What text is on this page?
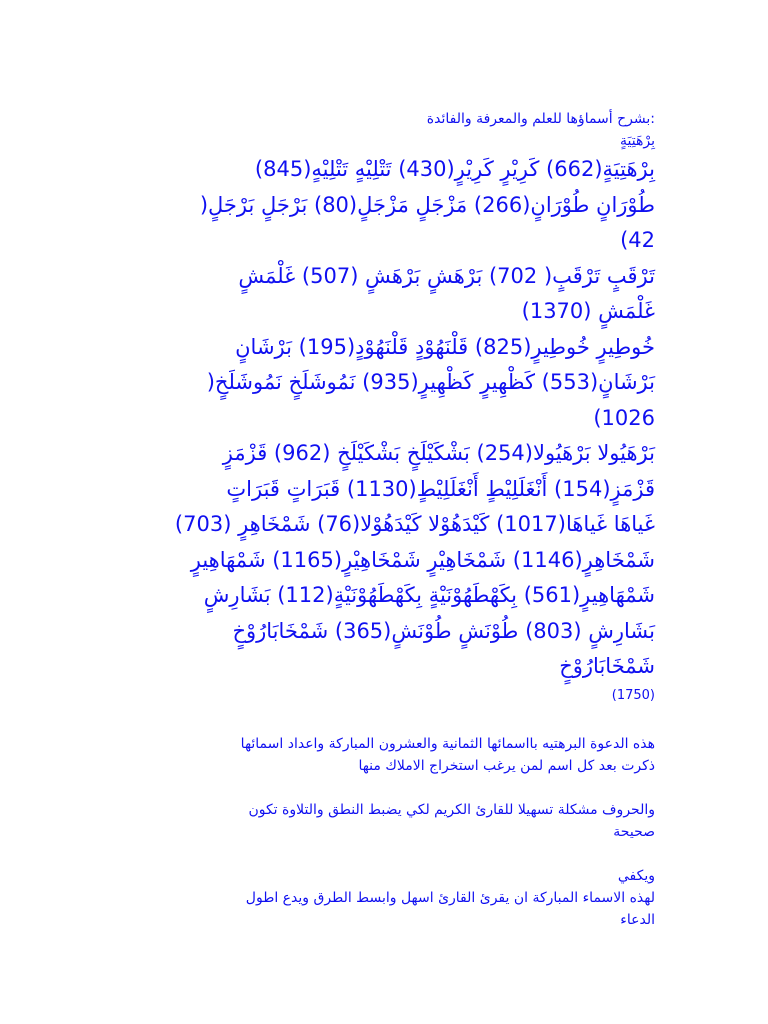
:بشرح أسماؤها للعلم والمعرفة والفائدة

بِرْهَتِيَةٍ

بِرْهَتِيَةٍ(662) كَرِيْرٍ كَرِيْرٍ(430) تَتْلِيْهٍ تَتْلِيْهٍ(845)

طُوْرَانٍ طُوْرَانٍ(266) مَزْجَلٍ مَزْجَلٍ(80) بَرْجَلٍ بَرْجَلٍ(

42)

تَرْقَبٍ تَرْقَبٍ( 702) بَرْهَشٍ بَرْهَشٍ (507) غَلْمَشٍ

غَلْمَشٍ (1370)

خُوطِيرٍ خُوطِيرٍ(825) قَلْنَهُوْدٍ قَلْنَهُوْدٍ(195) بَرْشَانٍ

بَرْشَانٍ(553) كَظْهِيرٍ كَظْهِيرٍ(935) نَمُوشَلَخٍ نَمُوشَلَخٍ(

1026)

بَرْهَيُولا بَرْهَيُولا(254) بَشْكَيْلَخٍ بَشْكَيْلَخٍ (962) قَزْمَزٍ

قَزْمَزٍ(154) أَنْغَلَلِيْطٍ أَنْغَلَلِيْطٍ(1130) قَبَرَاتٍ قَبَرَاتٍ

غَياهَا غَياهَا(1017) كَيْدَهُوْلا كَيْدَهُوْلا(76) شَمْخَاهِرٍ (703)

شَمْخَاهِرٍ(1146) شَمْخَاهِيْرٍ شَمْخَاهِيْرٍ(1165) شَمْهَاهِيرٍ

شَمْهَاهِيرٍ(561) بِكَهْطَهُوْنَيْةٍ بِكَهْطَهُوْنَيْةٍ(112) بَشَارِشٍ

بَشَارِشٍ (803) طُوْنَشٍ طُوْنَشٍ(365) شَمْخَابَارُوْخٍ

شَمْخَابَارُوْخٍ

(1750)

هذه الدعوة البرهتيه بااسمائها الثمانية والعشرون المباركة واعداد اسمائها

ذكرت بعد كل اسم لمن يرغب استخراج الاملاك منها

والحروف مشكلة تسهيلا للقارئ الكريم لكي يضبط النطق والتلاوة تكون

صحيحة

ويكفي

لهذه الاسماء المباركة ان يقرئ القارئ اسهل وابسط الطرق ويدع اطول

الدعاء
